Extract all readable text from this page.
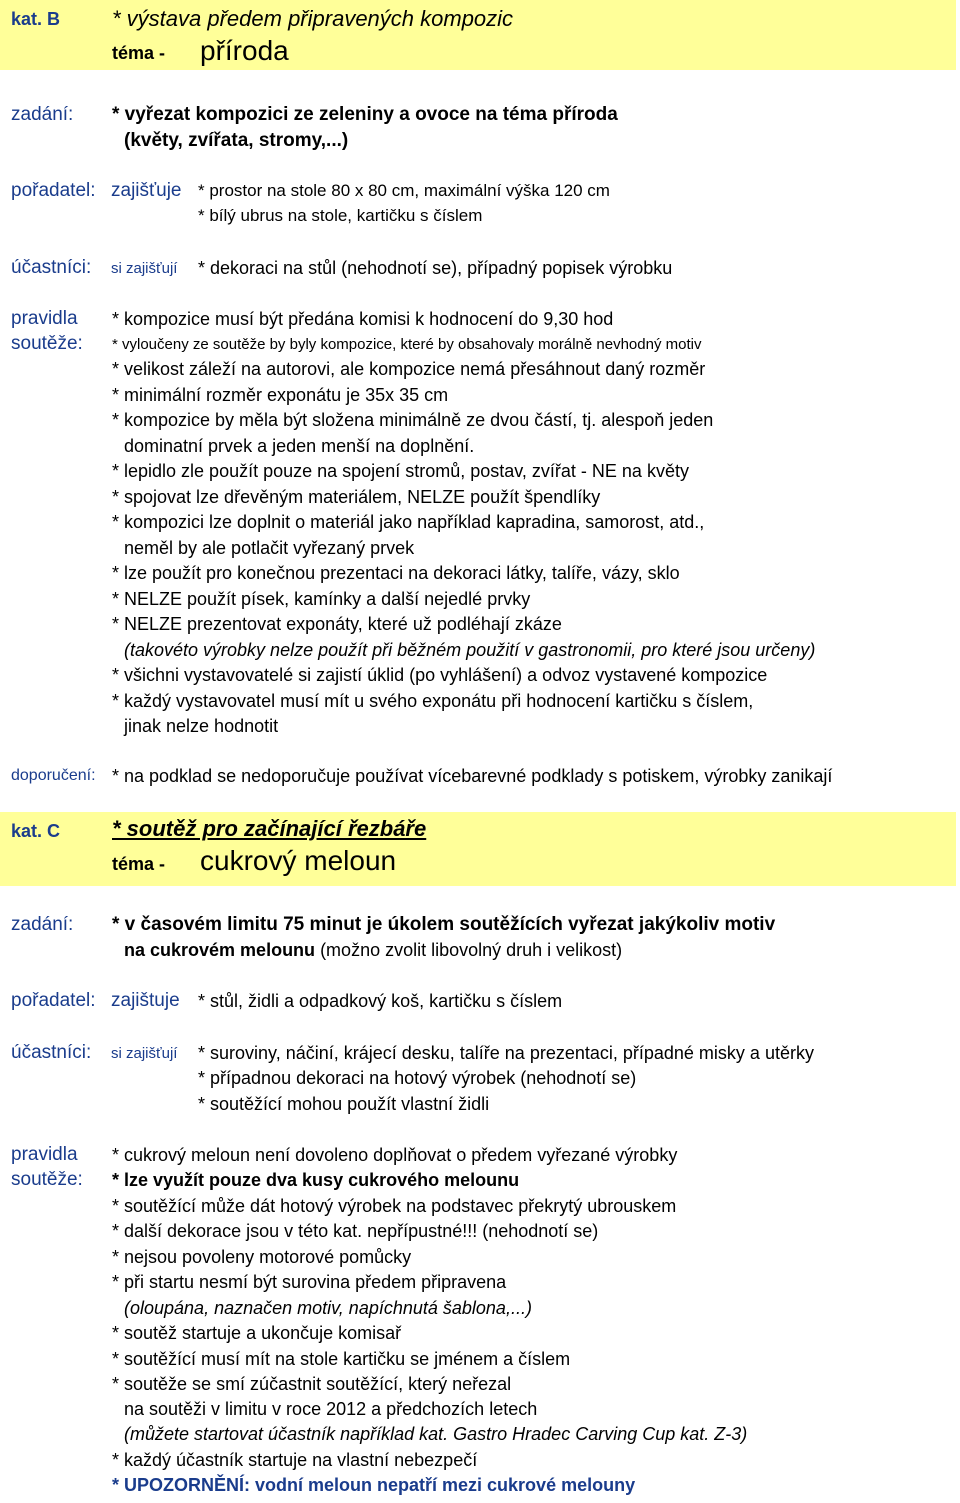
kat. B * výstava předem připravených kompozic
téma - příroda
zadání: * vyřezat kompozici ze zeleniny a ovoce na téma příroda
(květy, zvířata, stromy,...)
pořadatel: zajišťuje * prostor na stole 80 x 80 cm, maximální výška 120 cm
* bílý ubrus na stole, kartičku s číslem
účastníci: si zajišťují * dekoraci na stůl (nehodnotí se), případný popisek výrobku
pravidla
soutěže:
* kompozice musí být předána komisi k hodnocení do 9,30 hod
* vyloučeny ze soutěže by byly kompozice, které by obsahovaly morálně nevhodný motiv
* velikost záleží na autorovi, ale kompozice nemá přesáhnout daný rozměr
* minimální rozměr exponátu je 35x 35 cm
* kompozice by měla být složena minimálně ze dvou částí, tj. alespoň jeden
dominatní prvek a jeden menší na doplnění.
* lepidlo zle použít pouze na spojení stromů, postav, zvířat - NE na květy
* spojovat lze dřevěným materiálem, NELZE použít špendlíky
* kompozici lze doplnit o materiál jako například kapradina, samorost, atd.,
neměl by ale potlačit vyřezaný prvek
* lze použít pro konečnou prezentaci na dekoraci látky, talíře, vázy, sklo
* NELZE použít písek, kamínky a další nejedlé prvky
* NELZE prezentovat exponáty, které už podléhají zkáze
(takovéto výrobky nelze použít při běžném použití v gastronomii, pro které jsou určeny)
* všichni vystavovatelé si zajistí úklid (po vyhlášení) a odvoz vystavené kompozice
* každý vystavovatel musí mít u svého exponátu při hodnocení kartičku s číslem,
jinak nelze hodnotit
doporučení: * na podklad se nedoporučuje používat vícebarevné podklady s potiskem, výrobky zanikají
kat. C * soutěž pro začínající řezbáře
téma - cukrový meloun
zadání: * v časovém limitu 75 minut je úkolem soutěžících vyřezat jakýkoliv motiv
na cukrovém melounu (možno zvolit libovolný druh i velikost)
pořadatel: zajištuje * stůl, židli a odpadkový koš, kartičku s číslem
účastníci: si zajišťují * suroviny, náčiní, krájecí desku, talíře na prezentaci, případné misky a utěrky
* případnou dekoraci na hotový výrobek (nehodnotí se)
* soutěžící mohou použít vlastní židli
pravidla
soutěže:
* cukrový meloun není dovoleno doplňovat o předem vyřezané výrobky
* lze využít pouze dva kusy cukrového melounu
* soutěžící může dát hotový výrobek na podstavec překrytý ubrouskem
* další dekorace jsou v této kat. nepřípustné!!! (nehodnotí se)
* nejsou povoleny motorové pomůcky
* při startu nesmí být surovina předem připravena
(oloupána, naznačen motiv, napíchnutá šablona,...)
* soutěž startuje a ukončuje komisař
* soutěžící musí mít na stole kartičku se jménem a číslem
* soutěže se smí zúčastnit soutěžící, který neřezal
na soutěži v limitu v roce 2012 a předchozích letech
(můžete startovat účastník například kat. Gastro Hradec Carving Cup kat. Z-3)
* každý účastník startuje na vlastní nebezpečí
* UPOZORNĚNÍ: vodní meloun nepatří mezi cukrové melouny
